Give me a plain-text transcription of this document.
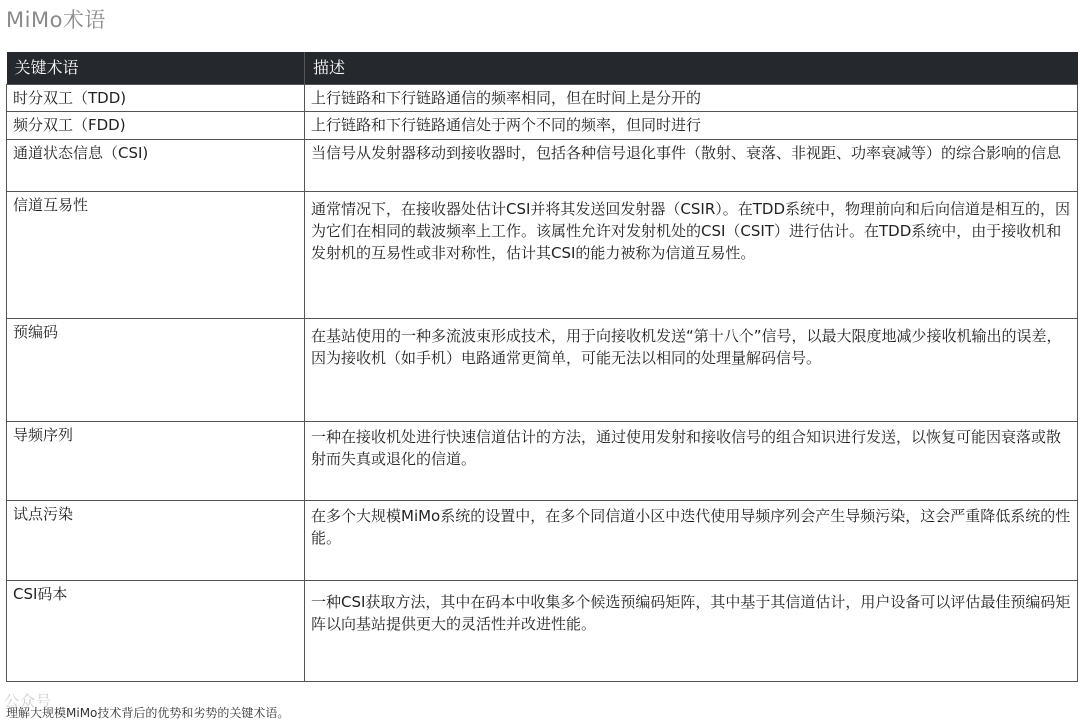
MiMo术语
关键术语	描述
时分双工（TDD)	上行链路和下行链路通信的频率相同，但在时间上是分开的

频分双工（FDD)	上行链路和下行链路通信处于两个不同的频率，但同时进行

通道状态信息（CSI)	当信号从发射器移动到接收器时，包括各种信号退化事件（散射、衰落、非视距、功率衰减等）的综合影响的信息

信道互易性	通常情况下，在接收器处估计CSI并将其发送回发射器（CSIR）。在TDD系统中，物理前向和后向信道是相互的，因为它们在相同的载波频率上工作。该属性允许对发射机处的CSI（CSIT）进行估计。在TDD系统中，由于接收机和发射机的互易性或非对称性，估计其CSI的能力被称为信道互易性。

预编码	在基站使用的一种多流波束形成技术，用于向接收机发送“第十八个”信号，以最大限度地减少接收机输出的误差，因为接收机（如手机）电路通常更简单，可能无法以相同的处理量解码信号。

导频序列	一种在接收机处进行快速信道估计的方法，通过使用发射和接收信号的组合知识进行发送，以恢复可能因衰落或散射而失真或退化的信道。

试点污染	在多个大规模MiMo系统的设置中，在多个同信道小区中迭代使用导频序列会产生导频污染，这会严重降低系统的性能。

CSI码本	一种CSI获取方法，其中在码本中收集多个候选预编码矩阵，其中基于其信道估计，用户设备可以评估最佳预编码矩阵以向基站提供更大的灵活性并改进性能。
公众号
理解大规模MiMo技术背后的优势和劣势的关键术语。
